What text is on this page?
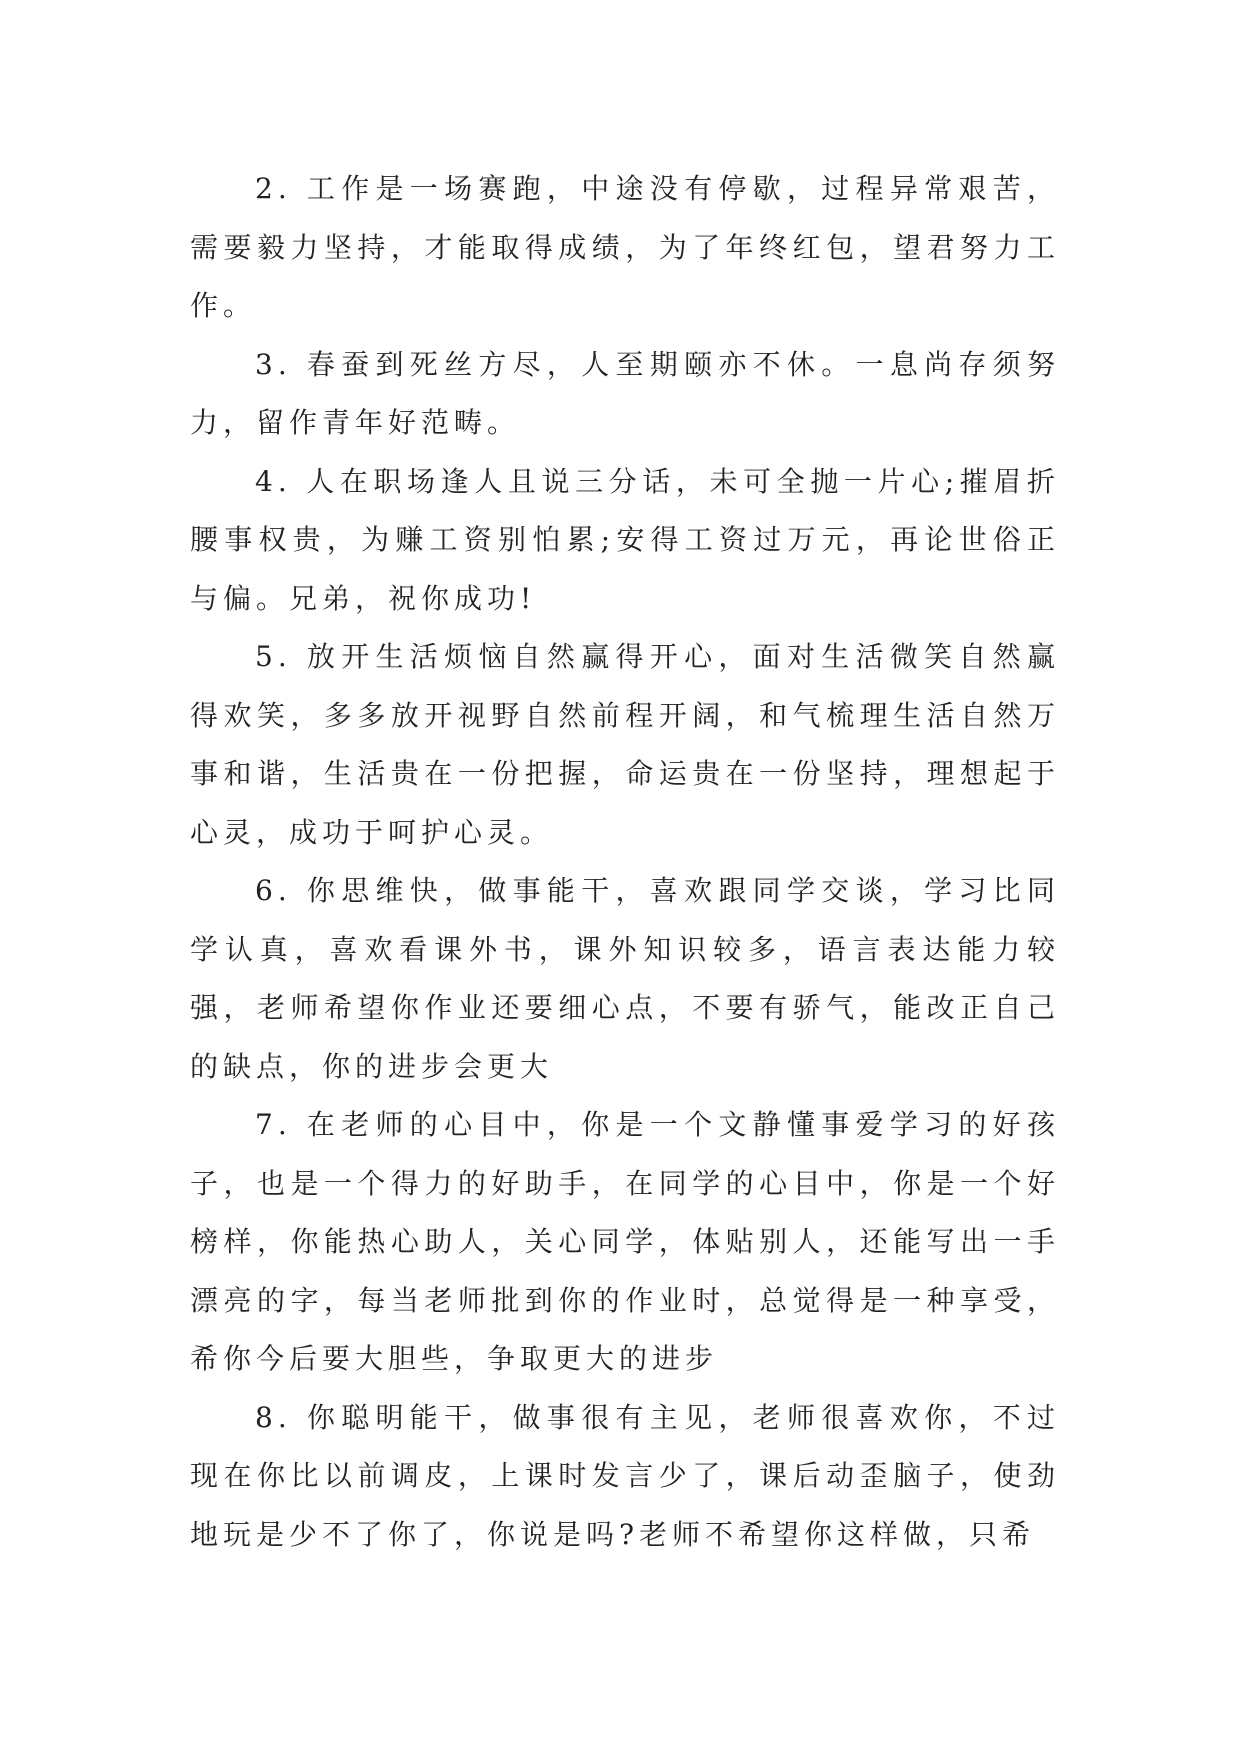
2. 工作是一场赛跑，中途没有停歇，过程异常艰苦，需要毅力坚持，才能取得成绩，为了年终红包，望君努力工作。

3. 春蚕到死丝方尽，人至期颐亦不休。一息尚存须努力，留作青年好范畴。

4. 人在职场逢人且说三分话，未可全抛一片心;摧眉折腰事权贵，为赚工资别怕累;安得工资过万元，再论世俗正与偏。兄弟，祝你成功!

5. 放开生活烦恼自然赢得开心，面对生活微笑自然赢得欢笑，多多放开视野自然前程开阔，和气梳理生活自然万事和谐，生活贵在一份把握，命运贵在一份坚持，理想起于心灵，成功于呵护心灵。

6. 你思维快，做事能干，喜欢跟同学交谈，学习比同学认真，喜欢看课外书，课外知识较多，语言表达能力较强，老师希望你作业还要细心点，不要有骄气，能改正自己的缺点，你的进步会更大

7. 在老师的心目中，你是一个文静懂事爱学习的好孩子，也是一个得力的好助手，在同学的心目中，你是一个好榜样，你能热心助人，关心同学，体贴别人，还能写出一手漂亮的字，每当老师批到你的作业时，总觉得是一种享受，希你今后要大胆些，争取更大的进步

8. 你聪明能干，做事很有主见，老师很喜欢你，不过现在你比以前调皮，上课时发言少了，课后动歪脑子，使劲地玩是少不了你了，你说是吗?老师不希望你这样做，只希
